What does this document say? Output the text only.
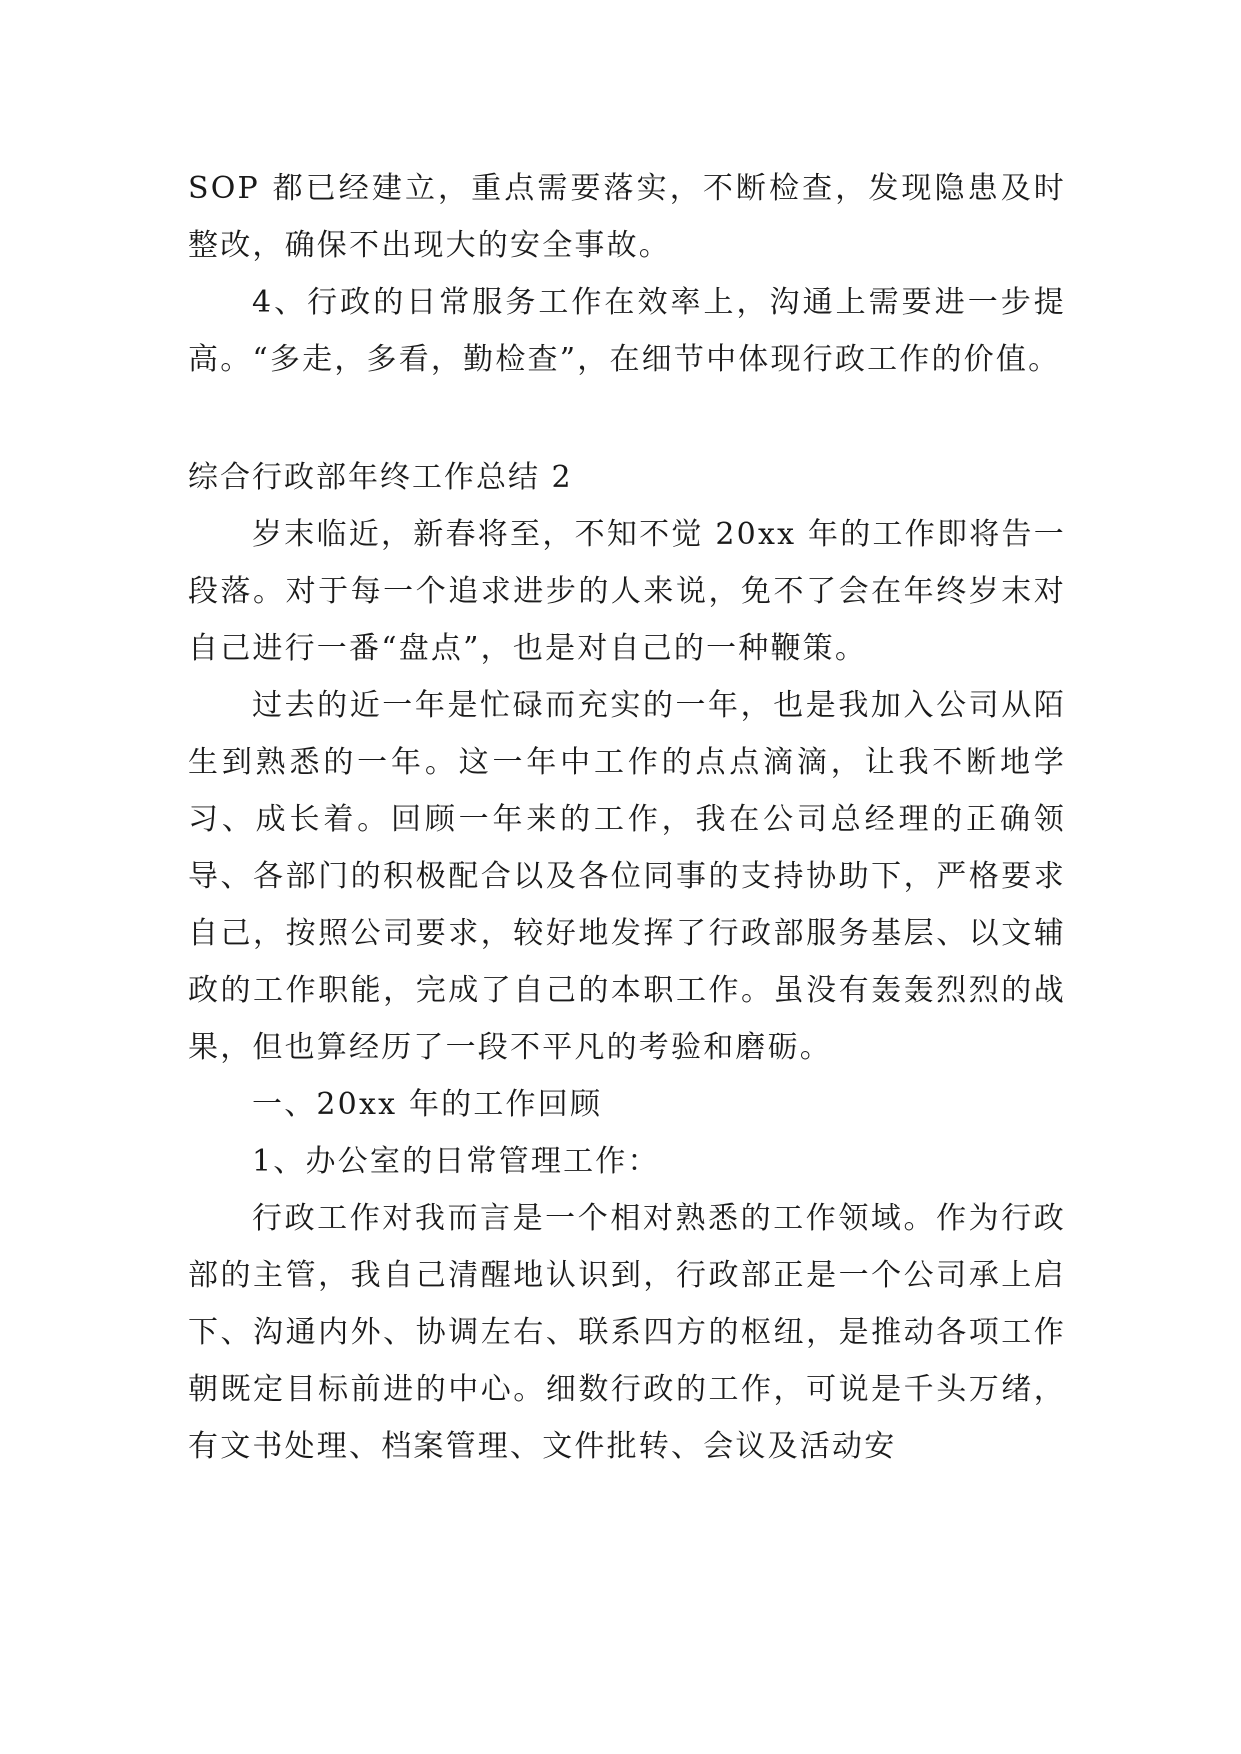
SOP 都已经建立，重点需要落实，不断检查，发现隐患及时整改，确保不出现大的安全事故。

4、行政的日常服务工作在效率上，沟通上需要进一步提高。“多走，多看，勤检查”，在细节中体现行政工作的价值。

综合行政部年终工作总结 2

岁末临近，新春将至，不知不觉 20xx 年的工作即将告一段落。对于每一个追求进步的人来说，免不了会在年终岁末对自己进行一番“盘点”，也是对自己的一种鞭策。

过去的近一年是忙碌而充实的一年，也是我加入公司从陌生到熟悉的一年。这一年中工作的点点滴滴，让我不断地学习、成长着。回顾一年来的工作，我在公司总经理的正确领导、各部门的积极配合以及各位同事的支持协助下，严格要求自己，按照公司要求，较好地发挥了行政部服务基层、以文辅政的工作职能，完成了自己的本职工作。虽没有轰轰烈烈的战果，但也算经历了一段不平凡的考验和磨砺。

一、20xx 年的工作回顾

1、办公室的日常管理工作：

行政工作对我而言是一个相对熟悉的工作领域。作为行政部的主管，我自己清醒地认识到，行政部正是一个公司承上启下、沟通内外、协调左右、联系四方的枢纽，是推动各项工作朝既定目标前进的中心。细数行政的工作，可说是千头万绪，有文书处理、档案管理、文件批转、会议及活动安
